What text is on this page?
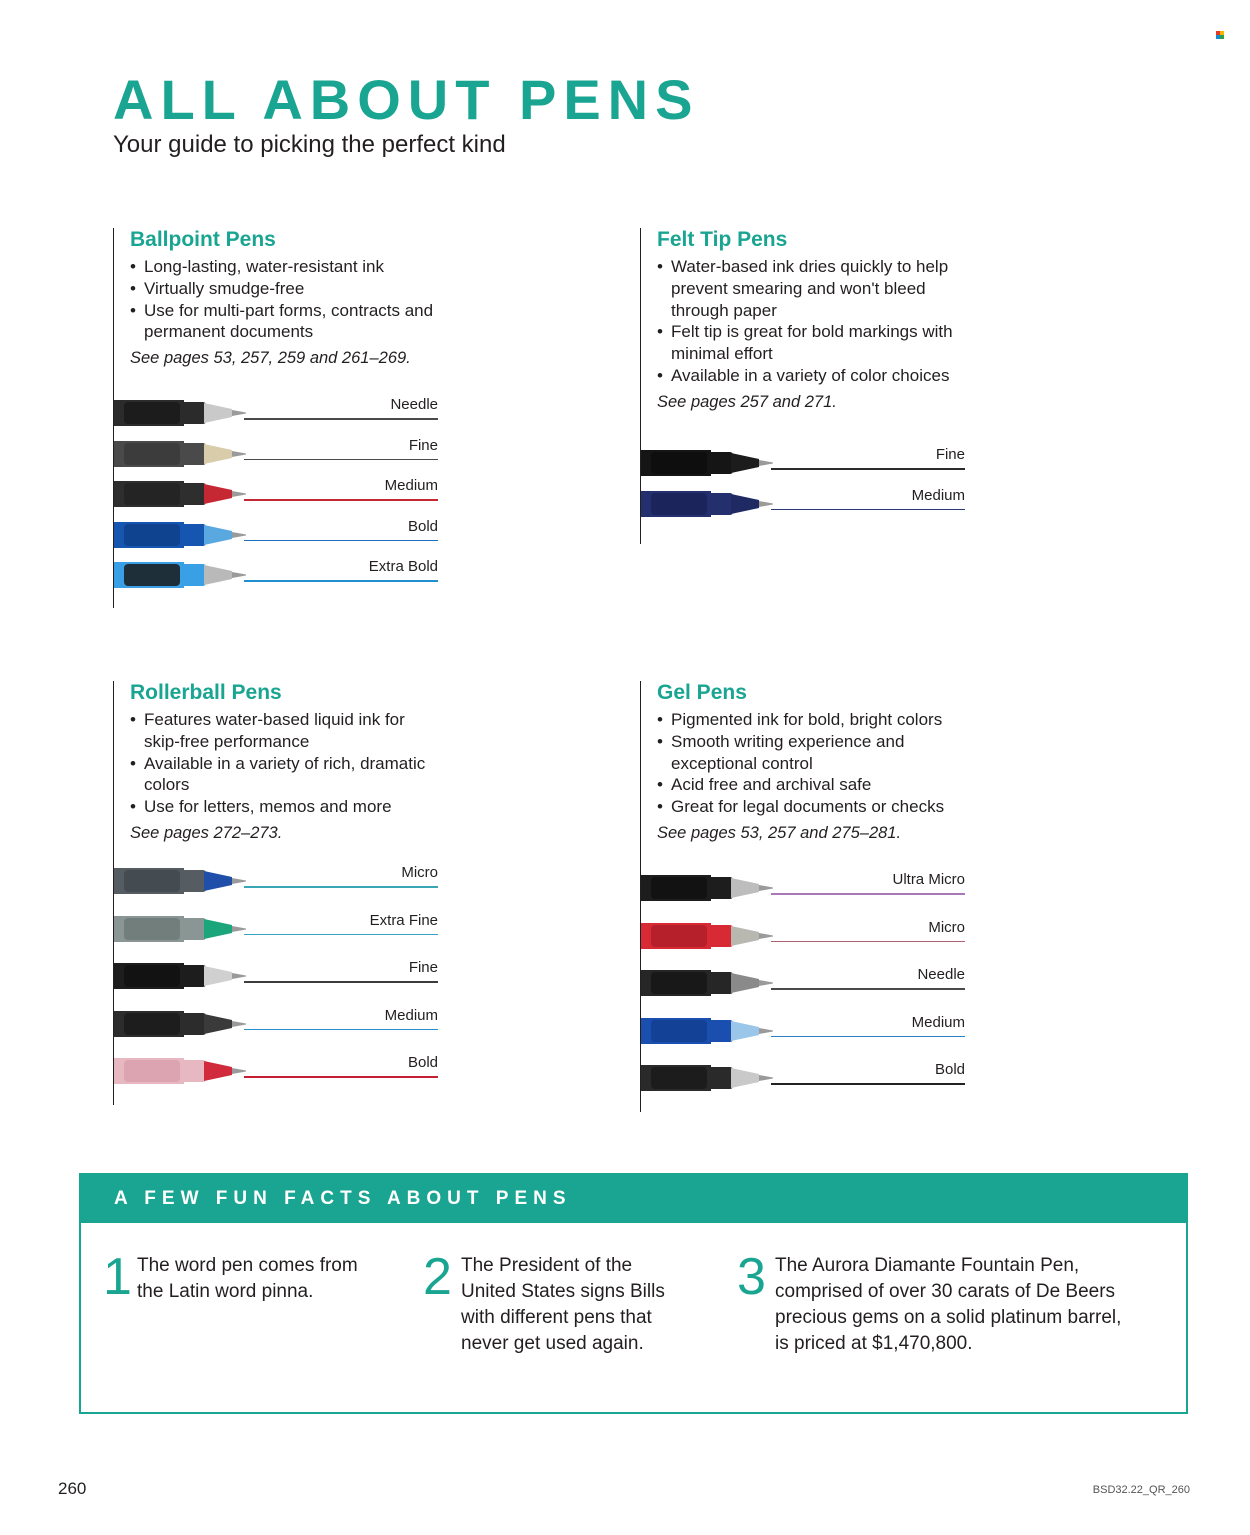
ALL ABOUT PENS

Your guide to picking the perfect kind

Ballpoint Pens
• Long-lasting, water-resistant ink
• Virtually smudge-free
• Use for multi-part forms, contracts and permanent documents

See pages 53, 257, 259 and 261–269.

Needle
Fine
Medium
Bold
Extra Bold
Felt Tip Pens
• Water-based ink dries quickly to help prevent smearing and won't bleed through paper
• Felt tip is great for bold markings with minimal effort
• Available in a variety of color choices

See pages 257 and 271.

Fine
Medium
Rollerball Pens
• Features water-based liquid ink for skip-free performance
• Available in a variety of rich, dramatic colors
• Use for letters, memos and more

See pages 272–273.

Micro
Extra Fine
Fine
Medium
Bold
Gel Pens
• Pigmented ink for bold, bright colors
• Smooth writing experience and exceptional control
• Acid free and archival safe
• Great for legal documents or checks

See pages 53, 257 and 275–281.

Ultra Micro
Micro
Needle
Medium
Bold
A FEW FUN FACTS ABOUT PENS
1 The word pen comes from the Latin word pinna.	2 The President of the United States signs Bills with different pens that never get used again.
3 The Aurora Diamante Fountain Pen, comprised of over 30 carats of De Beers precious gems on a solid platinum barrel, is priced at $1,470,800.
260	BSD32.22_QR_260
